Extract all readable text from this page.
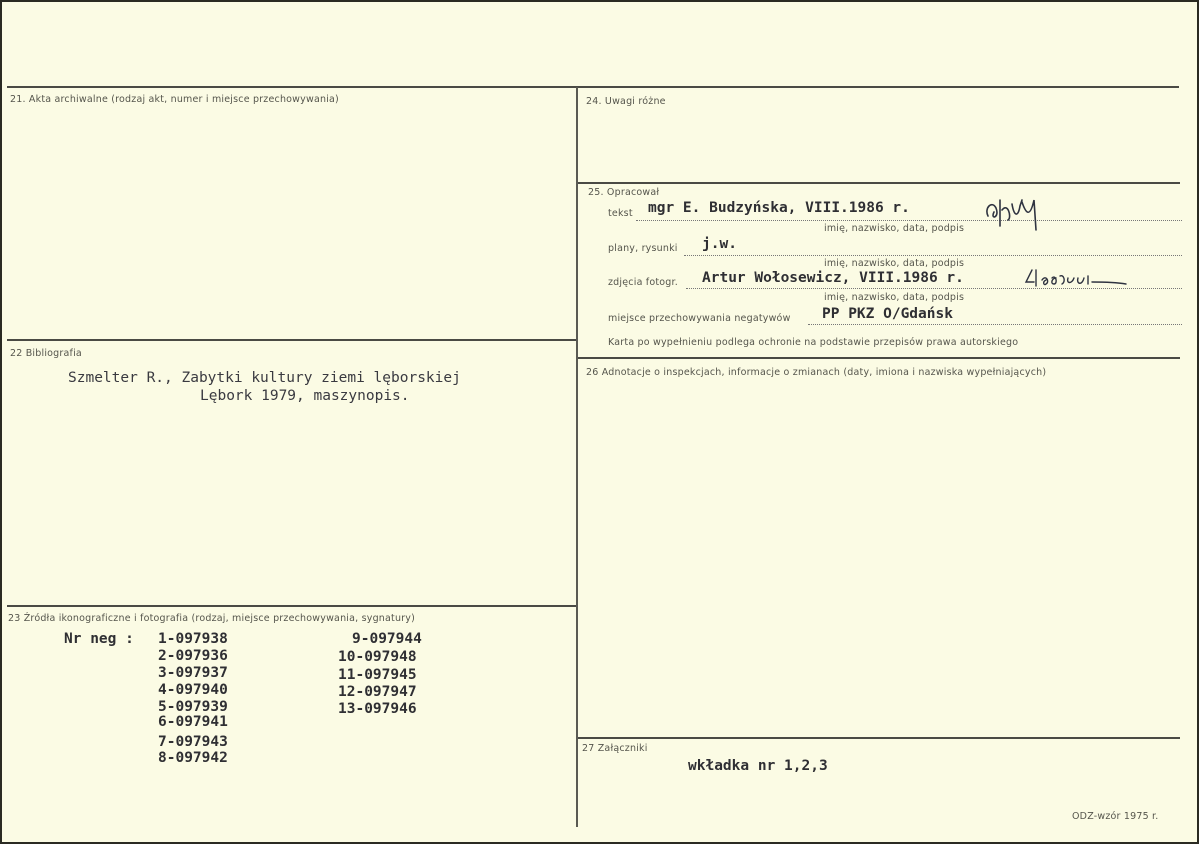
21. Akta archiwalne (rodzaj akt, numer i miejsce przechowywania)
22 Bibliografia
Szmelter R., Zabytki kultury ziemi lęborskiej
Lębork 1979, maszynopis.
23 Źródła ikonograficzne i fotografia (rodzaj, miejsce przechowywania, sygnatury)
Nr neg : 1-097938
2-097936
3-097937
4-097940
5-097939
6-097941
7-097943
8-097942
9-097944
10-097948
11-097945
12-097947
13-097946
24. Uwagi różne
25. Opracował
tekst mgr E. Budzyńska, VIII.1986 r.
imię, nazwisko, data, podpis
plany, rysunki j.w.
imię, nazwisko, data, podpis
zdjęcia fotogr. Artur Wołosewicz, VIII.1986 r.
imię, nazwisko, data, podpis
miejsce przechowywania negatywów PP PKZ O/Gdańsk
Karta po wypełnieniu podlega ochronie na podstawie przepisów prawa autorskiego
26 Adnotacje o inspekcjach, informacje o zmianach (daty, imiona i nazwiska wypełniających)
27 Załączniki
wkładka nr 1,2,3
ODZ-wzór 1975 r.
